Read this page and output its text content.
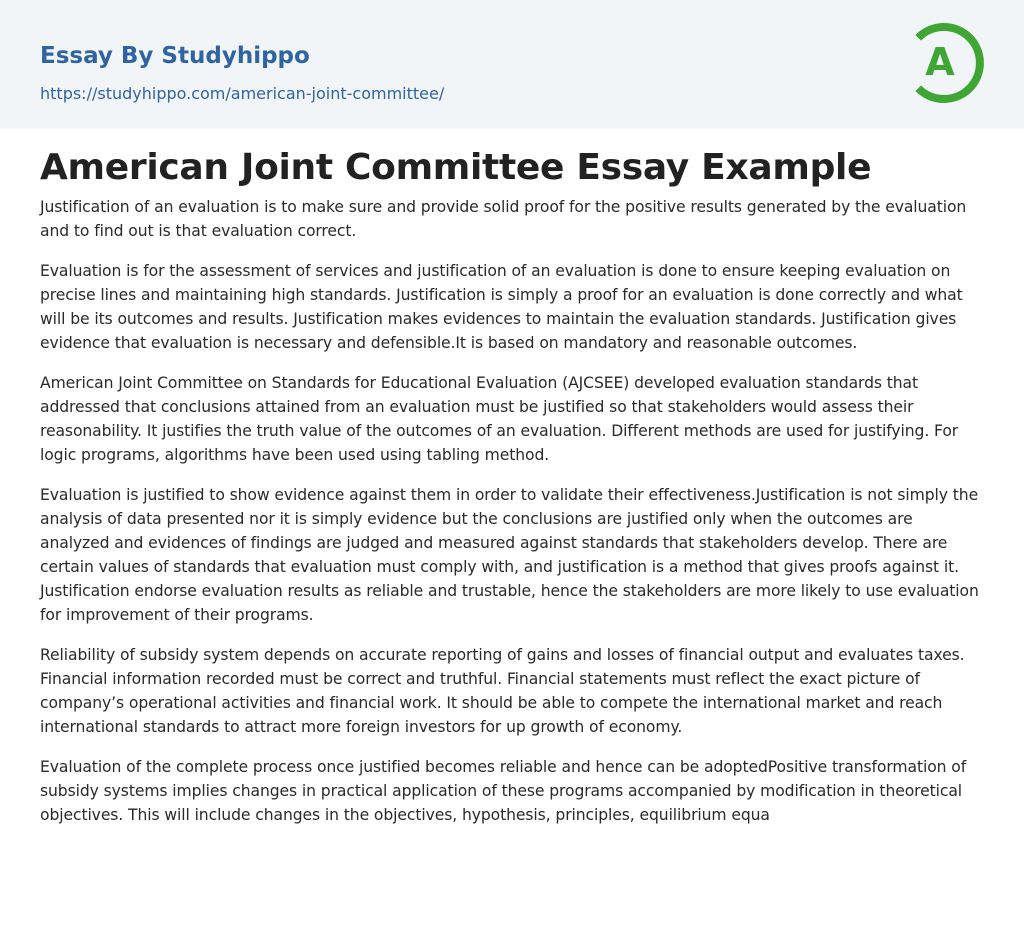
Essay By Studyhippo
https://studyhippo.com/american-joint-committee/
A
American Joint Committee Essay Example

Justification of an evaluation is to make sure and provide solid proof for the positive results generated by the evaluation and to find out is that evaluation correct.

Evaluation is for the assessment of services and justification of an evaluation is done to ensure keeping evaluation on precise lines and maintaining high standards. Justification is simply a proof for an evaluation is done correctly and what will be its outcomes and results. Justification makes evidences to maintain the evaluation standards. Justification gives evidence that evaluation is necessary and defensible.It is based on mandatory and reasonable outcomes.

American Joint Committee on Standards for Educational Evaluation (AJCSEE) developed evaluation standards that addressed that conclusions attained from an evaluation must be justified so that stakeholders would assess their reasonability. It justifies the truth value of the outcomes of an evaluation. Different methods are used for justifying. For logic programs, algorithms have been used using tabling method.

Evaluation is justified to show evidence against them in order to validate their effectiveness.Justification is not simply the analysis of data presented nor it is simply evidence but the conclusions are justified only when the outcomes are analyzed and evidences of findings are judged and measured against standards that stakeholders develop. There are certain values of standards that evaluation must comply with, and justification is a method that gives proofs against it. Justification endorse evaluation results as reliable and trustable, hence the stakeholders are more likely to use evaluation for improvement of their programs.

Reliability of subsidy system depends on accurate reporting of gains and losses of financial output and evaluates taxes. Financial information recorded must be correct and truthful. Financial statements must reflect the exact picture of company’s operational activities and financial work. It should be able to compete the international market and reach international standards to attract more foreign investors for up growth of economy.

Evaluation of the complete process once justified becomes reliable and hence can be adoptedPositive transformation of subsidy systems implies changes in practical application of these programs accompanied by modification in theoretical objectives. This will include changes in the objectives, hypothesis, principles, equilibrium equa
